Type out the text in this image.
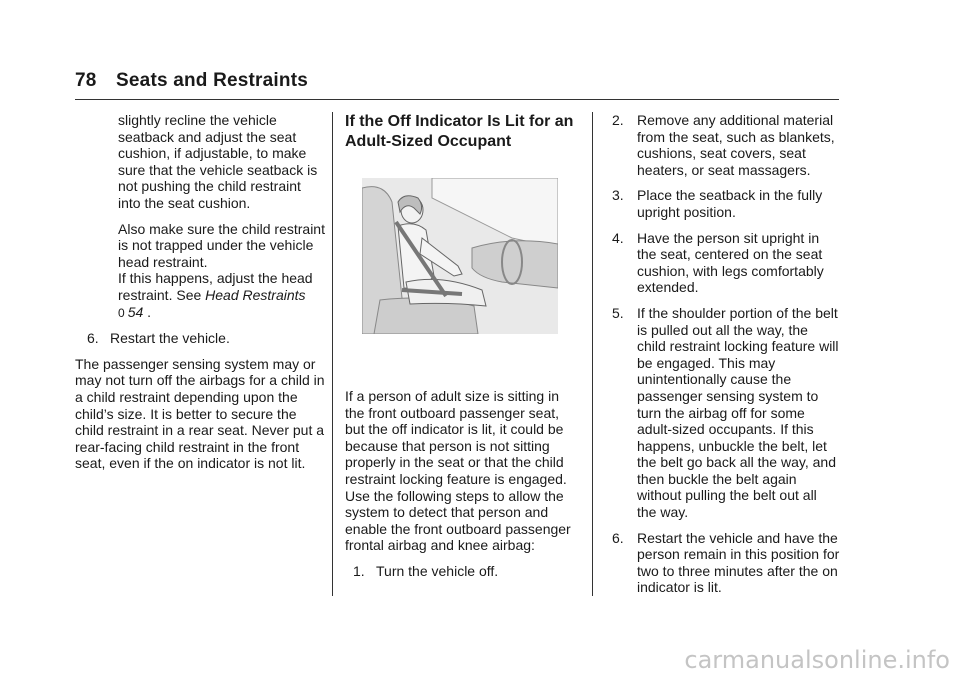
78 Seats and Restraints

slightly recline the vehicle seatback and adjust the seat cushion, if adjustable, to make sure that the vehicle seatback is not pushing the child restraint into the seat cushion.

Also make sure the child restraint is not trapped under the vehicle head restraint.
If this happens, adjust the head restraint. See Head Restraints
0 54 .

6. Restart the vehicle.

The passenger sensing system may or may not turn off the airbags for a child in a child restraint depending upon the child’s size. It is better to secure the child restraint in a rear seat. Never put a rear-facing child restraint in the front seat, even if the on indicator is not lit.

If the Off Indicator Is Lit for an Adult-Sized Occupant

If a person of adult size is sitting in the front outboard passenger seat, but the off indicator is lit, it could be because that person is not sitting properly in the seat or that the child restraint locking feature is engaged. Use the following steps to allow the system to detect that person and enable the front outboard passenger frontal airbag and knee airbag:

1. Turn the vehicle off.
2. Remove any additional material from the seat, such as blankets, cushions, seat covers, seat heaters, or seat massagers.
3. Place the seatback in the fully upright position.
4. Have the person sit upright in the seat, centered on the seat cushion, with legs comfortably extended.
5. If the shoulder portion of the belt is pulled out all the way, the child restraint locking feature will be engaged. This may unintentionally cause the passenger sensing system to turn the airbag off for some adult-sized occupants. If this happens, unbuckle the belt, let the belt go back all the way, and then buckle the belt again without pulling the belt out all the way.
6. Restart the vehicle and have the person remain in this position for two to three minutes after the on indicator is lit.
carmanualsonline.info
